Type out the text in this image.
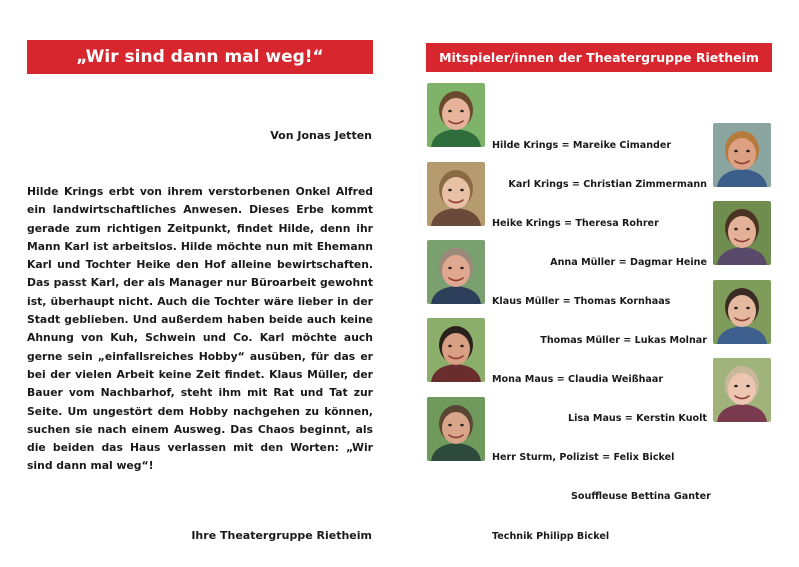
„Wir sind dann mal weg!“
Von Jonas Jetten
Hilde Krings erbt von ihrem verstorbenen Onkel Alfred ein landwirtschaftliches Anwesen. Dieses Erbe kommt gerade zum richtigen Zeitpunkt, findet Hilde, denn ihr Mann Karl ist arbeitslos. Hilde möchte nun mit Ehemann Karl und Tochter Heike den Hof alleine bewirtschaften. Das passt Karl, der als Manager nur Büroarbeit gewohnt ist, überhaupt nicht. Auch die Tochter wäre lieber in der Stadt geblieben. Und außerdem haben beide auch keine Ahnung von Kuh, Schwein und Co. Karl möchte auch gerne sein „einfallsreiches Hobby“ ausüben, für das er bei der vielen Arbeit keine Zeit findet. Klaus Müller, der Bauer vom Nachbarhof, steht ihm mit Rat und Tat zur Seite. Um ungestört dem Hobby nachgehen zu können, suchen sie nach einem Ausweg. Das Chaos beginnt, als die beiden das Haus verlassen mit den Worten: „Wir sind dann mal weg“!
Ihre Theatergruppe Rietheim
Mitspieler/innen der Theatergruppe Rietheim
Hilde Krings = Mareike Cimander
Karl Krings = Christian Zimmermann
Heike Krings = Theresa Rohrer
Anna Müller = Dagmar Heine
Klaus Müller = Thomas Kornhaas
Thomas Müller = Lukas Molnar
Mona Maus = Claudia Weißhaar
Lisa Maus = Kerstin Kuolt
Herr Sturm, Polizist = Felix Bickel
Souffleuse Bettina Ganter
Technik Philipp Bickel
